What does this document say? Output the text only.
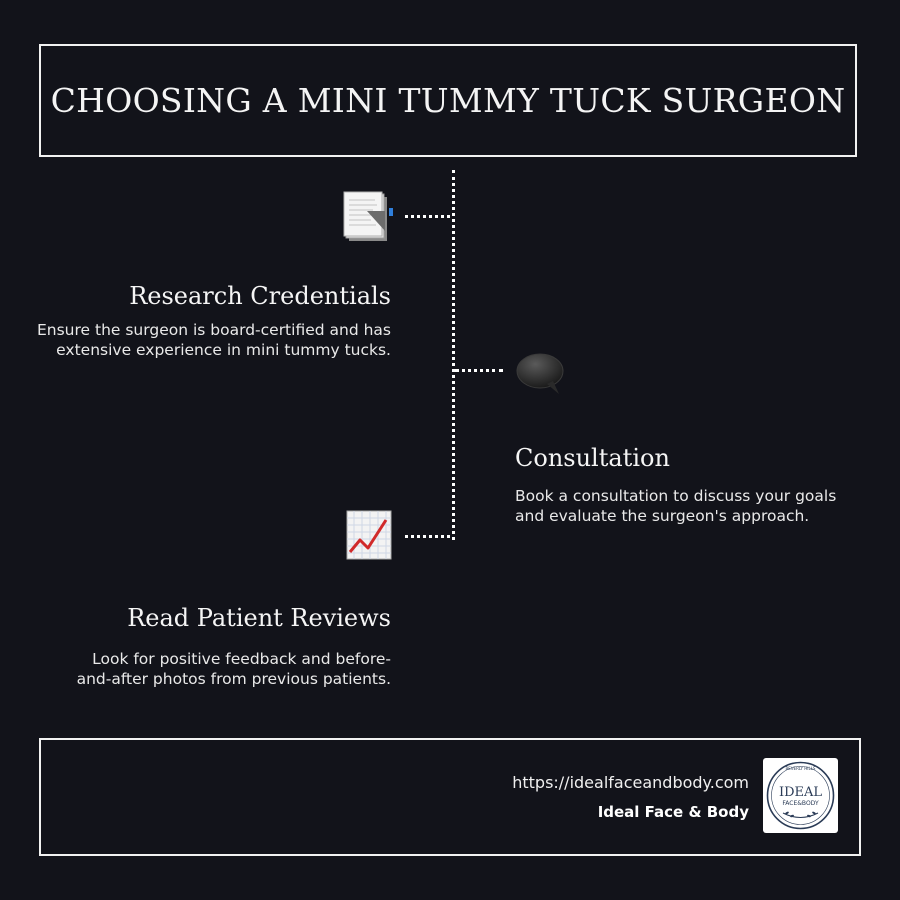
CHOOSING A MINI TUMMY TUCK SURGEON
Research Credentials

Ensure the surgeon is board-certified and has
extensive experience in mini tummy tucks.

Consultation

Book a consultation to discuss your goals
and evaluate the surgeon's approach.

Read Patient Reviews

Look for positive feedback and before-
and-after photos from previous patients.

https://idealfaceandbody.com
Ideal Face & Body
BEVERLY HILLS
IDEAL
FACE&BODY
